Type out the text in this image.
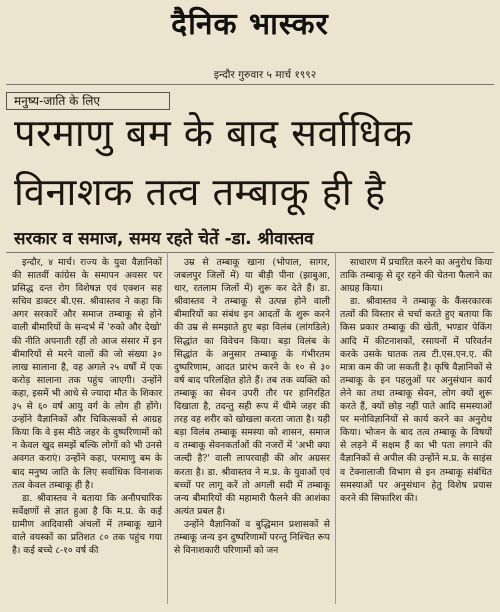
दैनिक भास्कर
इन्दौर गुरुवार ५ मार्च १९९२
मनुष्य-जाति के लिए
परमाणु बम के बाद सर्वाधिक
विनाशक तत्व तम्बाकू ही है
सरकार व समाज, समय रहते चेतें -डा. श्रीवास्तव

इन्दौर, ४ मार्च। राज्य के युवा वैज्ञानिकों की सातवीं कांग्रेस के समापन अवसर पर प्रसिद्ध दन्त रोग विशेषज्ञ एवं एक्शन सह सचिव डाक्टर बी.एस. श्रीवास्तव ने कहा कि अगर सरकारें और समाज तम्बाकू से होने वाली बीमारियों के सन्दर्भ में 'रुको और देखो' की नीति अपनाती रहीं तो आज संसार में इन बीमारियों से मरने वालों की जो संख्या ३० लाख सालाना है, वह अगले २५ वर्षों में एक करोड़ सालाना तक पहुंच जाएगी। उन्होंने कहा, इसमें भी आधे से ज्यादा मौत के शिकार ३५ से ६० वर्ष आयु वर्ग के लोग ही होंगे। उन्होंने वैज्ञानिकों और चिकित्सकों से आग्रह किया कि वे इस मीठे जहर के दुष्परिणामों को न केवल खुद समझें बल्कि लोगों को भी उनसे अवगत कराएं। उन्होंने कहा, परमाणु बम के बाद मनुष्य जाति के लिए सर्वाधिक विनाशक तत्व केवल तम्बाकू ही है।

डा. श्रीवास्तव ने बताया कि अनौपचारिक सर्वेक्षणों से ज्ञात हुआ है कि म.प्र. के कई ग्रामीण आदिवासी अंचलों में तम्बाकू खाने वाले वयस्कों का प्रतिशत ८० तक पहुंच गया है। कई बच्चे ८-१० वर्ष की

उम्र से तम्बाकू खाना (भोपाल, सागर, जबलपुर जिलों में) या बीड़ी पीना (झाबुआ, धार, रतलाम जिलों में) शुरू कर देते हैं। डा. श्रीवास्तव ने तम्बाकू से उत्पन्न होने वाली बीमारियों का संबंध इन आदतों के शुरू करने की उम्र से समझाते हुए बड़ा विलंब (लांगडिले) सिद्धांत का विवेचन किया। बड़ा विलंब के सिद्धांत के अनुसार तम्बाकू के गंभीरतम दुष्परिणाम, आदत प्रारंभ करने के १० से ३० वर्ष बाद परिलक्षित होते हैं। तब तक व्यक्ति को तम्बाकू का सेवन उपरी तौर पर हानिरहित दिखाता है, तदन्तु सही रूप में धीमे जहर की तरह वह शरीर को खोखला करता जाता है। यही बड़ा विलंब तम्बाकू समस्या को शासन, समाज व तम्बाकू सेवनकर्ताओं की नजरों में 'अभी क्या जल्दी है?' वाली लापरवाही की ओर अग्रसर करता है। डा. श्रीवास्तव ने म.प्र. के युवाओं एवं बच्चों पर लागू करें तो अगली सदी में तम्बाकू जन्य बीमारियों की महामारी फैलने की आशंका अत्यंत प्रबल है।

उन्होंने वैज्ञानिकों व बुद्धिमान प्रशासकों से तम्बाकू जन्य इन दुष्परिणामों परन्तु निश्चित रूप से विनाशकारी परिणामों को जन

साधारण में प्रचारित करने का अनुरोध किया ताकि तम्बाकू से दूर रहने की चेतना फैलाने का आग्रह किया।

डा. श्रीवास्तव ने तम्बाकू के कैंसरकारक तत्वों की विस्तार से चर्चा करते हुए बताया कि किस प्रकार तम्बाकू की खेती, भण्डार पेकिंग आदि में कीटनाशकों, रसायनों में परिवर्तन करके उसके घातक तत्व टी.एस.एन.ए. की मात्रा कम की जा सकती है। कृषि वैज्ञानिकों से तम्बाकू के इन पहलुओं पर अनुसंधान कार्य लेने का तथा तम्बाकू सेवन, लोग क्यों शुरू करते हैं, क्यों छोड़ नहीं पाते आदि समस्याओं पर मनोविज्ञानियों से कार्य करने का अनुरोध किया। भोजन के बाद तत्व तम्बाकू के विषयों से लड़ने में सक्षम हैं का भी पता लगाने की वैज्ञानिकों से अपील की उन्होंने म.प्र. के साइंस व टेक्नालाजी विभाग से इन तम्बाकू संबंधित समस्याओं पर अनुसंधान हेतु विशेष प्रयास करने की सिफारिश की।
